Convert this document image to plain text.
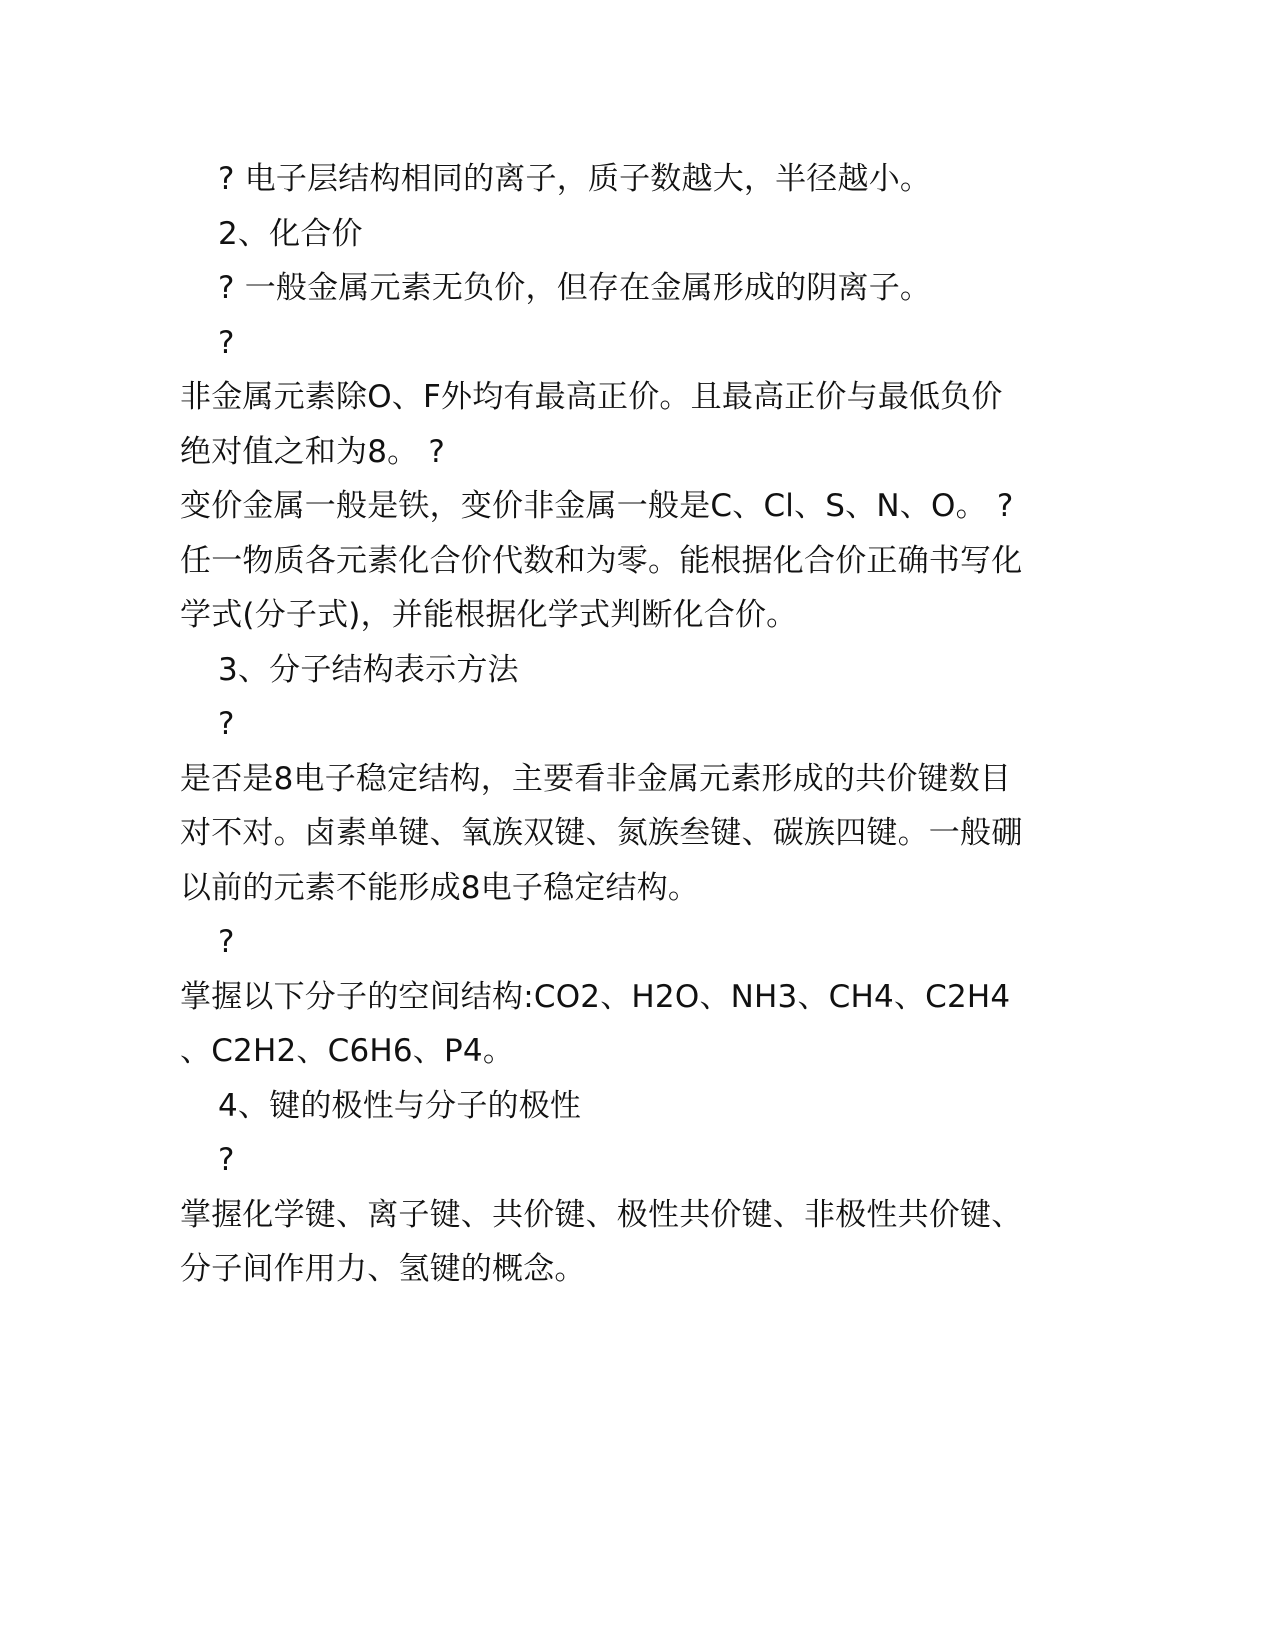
? 电子层结构相同的离子，质子数越大，半径越小。
2、化合价
? 一般金属元素无负价，但存在金属形成的阴离子。
?
非金属元素除O、F外均有最高正价。且最高正价与最低负价
绝对值之和为8。 ?
变价金属一般是铁，变价非金属一般是C、Cl、S、N、O。 ?
任一物质各元素化合价代数和为零。能根据化合价正确书写化
学式(分子式)，并能根据化学式判断化合价。
3、分子结构表示方法
?
是否是8电子稳定结构，主要看非金属元素形成的共价键数目
对不对。卤素单键、氧族双键、氮族叁键、碳族四键。一般硼
以前的元素不能形成8电子稳定结构。
?
掌握以下分子的空间结构:CO2、H2O、NH3、CH4、C2H4
、C2H2、C6H6、P4。
4、键的极性与分子的极性
?
掌握化学键、离子键、共价键、极性共价键、非极性共价键、
分子间作用力、氢键的概念。
